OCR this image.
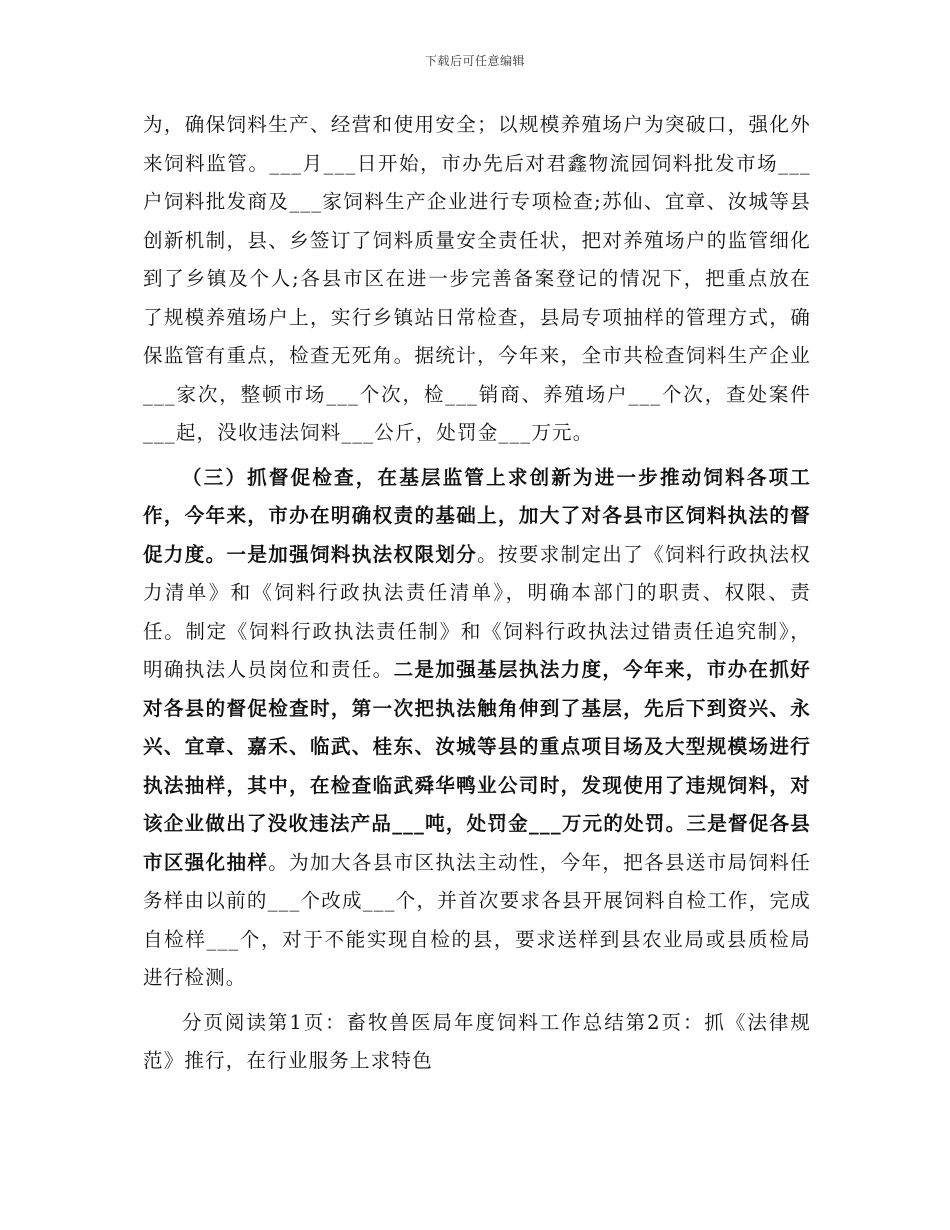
下载后可任意编辑

为，确保饲料生产、经营和使用安全；以规模养殖场户为突破口，强化外来饲料监管。___月___日开始，市办先后对君鑫物流园饲料批发市场___户饲料批发商及___家饲料生产企业进行专项检查;苏仙、宜章、汝城等县创新机制，县、乡签订了饲料质量安全责任状，把对养殖场户的监管细化到了乡镇及个人;各县市区在进一步完善备案登记的情况下，把重点放在了规模养殖场户上，实行乡镇站日常检查，县局专项抽样的管理方式，确保监管有重点，检查无死角。据统计，今年来，全市共检查饲料生产企业___家次，整顿市场___个次，检___销商、养殖场户___个次，查处案件___起，没收违法饲料___公斤，处罚金___万元。

（三）抓督促检查，在基层监管上求创新为进一步推动饲料各项工作，今年来，市办在明确权责的基础上，加大了对各县市区饲料执法的督促力度。一是加强饲料执法权限划分。按要求制定出了《饲料行政执法权力清单》和《饲料行政执法责任清单》，明确本部门的职责、权限、责任。制定《饲料行政执法责任制》和《饲料行政执法过错责任追究制》，明确执法人员岗位和责任。二是加强基层执法力度，今年来，市办在抓好对各县的督促检查时，第一次把执法触角伸到了基层，先后下到资兴、永兴、宜章、嘉禾、临武、桂东、汝城等县的重点项目场及大型规模场进行执法抽样，其中，在检查临武舜华鸭业公司时，发现使用了违规饲料，对该企业做出了没收违法产品___吨，处罚金___万元的处罚。三是督促各县市区强化抽样。为加大各县市区执法主动性，今年，把各县送市局饲料任务样由以前的___个改成___个，并首次要求各县开展饲料自检工作，完成自检样___个，对于不能实现自检的县，要求送样到县农业局或县质检局进行检测。

分页阅读第1页：畜牧兽医局年度饲料工作总结第2页：抓《法律规范》推行，在行业服务上求特色
